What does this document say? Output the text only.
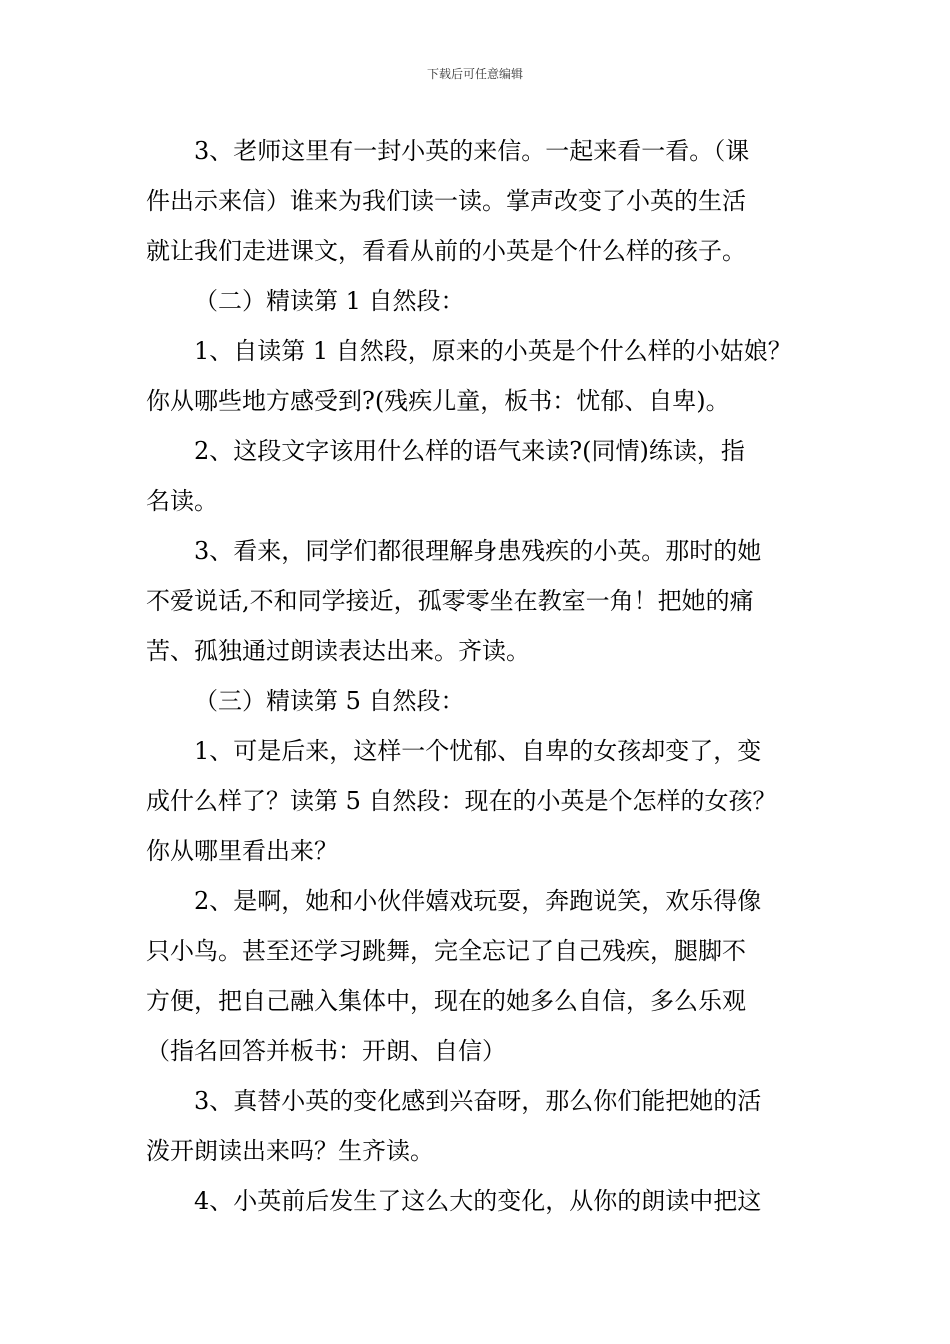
下载后可任意编辑
3、老师这里有一封小英的来信。一起来看一看。（课
件出示来信）谁来为我们读一读。掌声改变了小英的生活
就让我们走进课文，看看从前的小英是个什么样的孩子。
（二）精读第 1 自然段：
1、自读第 1 自然段，原来的小英是个什么样的小姑娘？
你从哪些地方感受到?(残疾儿童，板书：忧郁、自卑)。
2、这段文字该用什么样的语气来读?(同情)练读，指
名读。
3、看来，同学们都很理解身患残疾的小英。那时的她
不爱说话,不和同学接近，孤零零坐在教室一角！把她的痛
苦、孤独通过朗读表达出来。齐读。
（三）精读第 5 自然段：
1、可是后来，这样一个忧郁、自卑的女孩却变了，变
成什么样了？读第 5 自然段：现在的小英是个怎样的女孩？
你从哪里看出来？
2、是啊，她和小伙伴嬉戏玩耍，奔跑说笑，欢乐得像
只小鸟。甚至还学习跳舞，完全忘记了自己残疾，腿脚不
方便，把自己融入集体中，现在的她多么自信，多么乐观
（指名回答并板书：开朗、自信）
3、真替小英的变化感到兴奋呀，那么你们能把她的活
泼开朗读出来吗？生齐读。
4、小英前后发生了这么大的变化，从你的朗读中把这
